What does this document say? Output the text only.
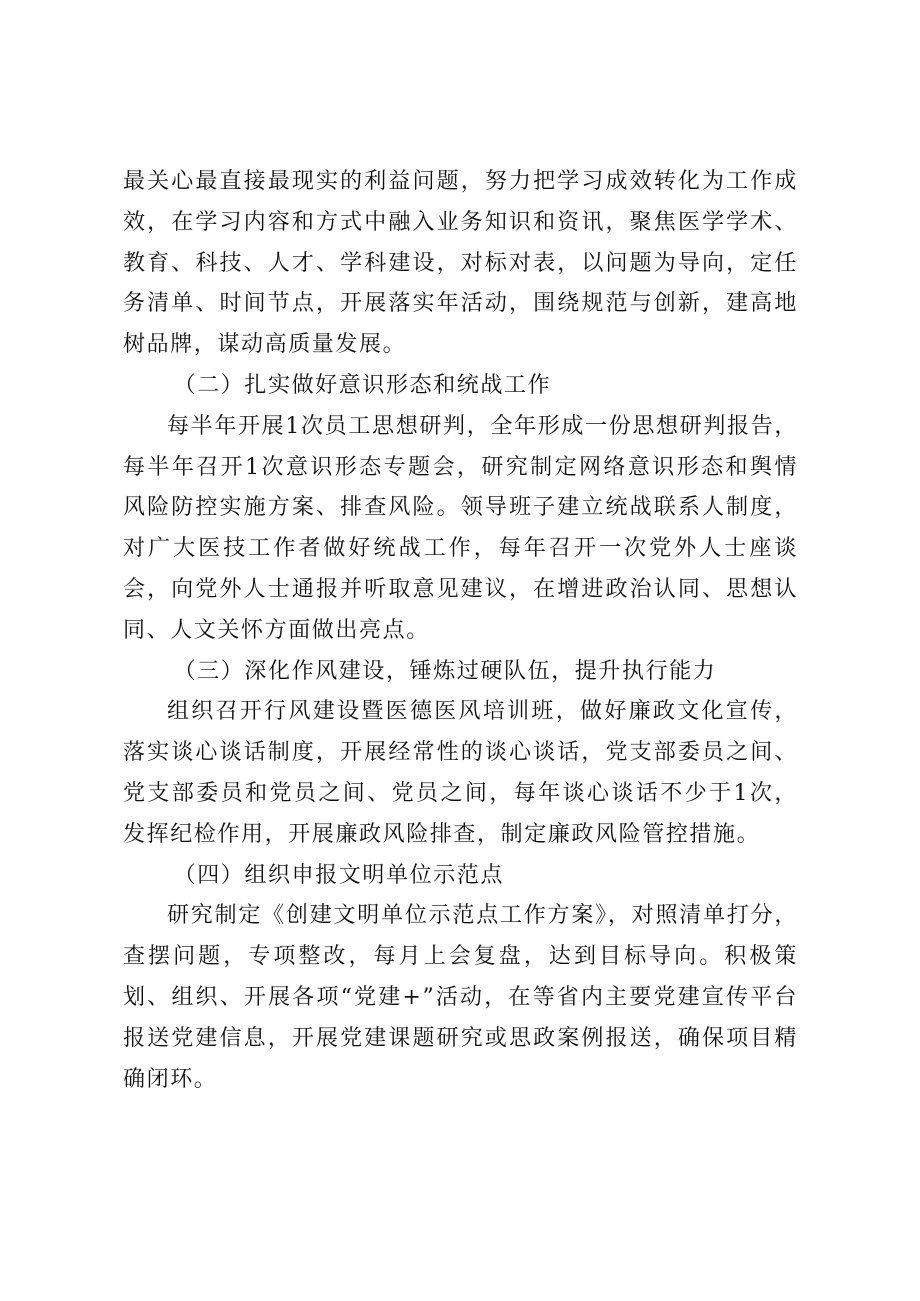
最关心最直接最现实的利益问题，努力把学习成效转化为工作成效，在学习内容和方式中融入业务知识和资讯，聚焦医学学术、教育、科技、人才、学科建设，对标对表，以问题为导向，定任务清单、时间节点，开展落实年活动，围绕规范与创新，建高地树品牌，谋动高质量发展。

（二）扎实做好意识形态和统战工作

每半年开展1次员工思想研判，全年形成一份思想研判报告，每半年召开1次意识形态专题会，研究制定网络意识形态和舆情风险防控实施方案、排查风险。领导班子建立统战联系人制度，对广大医技工作者做好统战工作，每年召开一次党外人士座谈会，向党外人士通报并听取意见建议，在增进政治认同、思想认同、人文关怀方面做出亮点。

（三）深化作风建设，锤炼过硬队伍，提升执行能力

组织召开行风建设暨医德医风培训班，做好廉政文化宣传，落实谈心谈话制度，开展经常性的谈心谈话，党支部委员之间、党支部委员和党员之间、党员之间，每年谈心谈话不少于1次，发挥纪检作用，开展廉政风险排查，制定廉政风险管控措施。

（四）组织申报文明单位示范点

研究制定《创建文明单位示范点工作方案》，对照清单打分，查摆问题，专项整改，每月上会复盘，达到目标导向。积极策划、组织、开展各项“党建+”活动，在等省内主要党建宣传平台报送党建信息，开展党建课题研究或思政案例报送，确保项目精确闭环。
